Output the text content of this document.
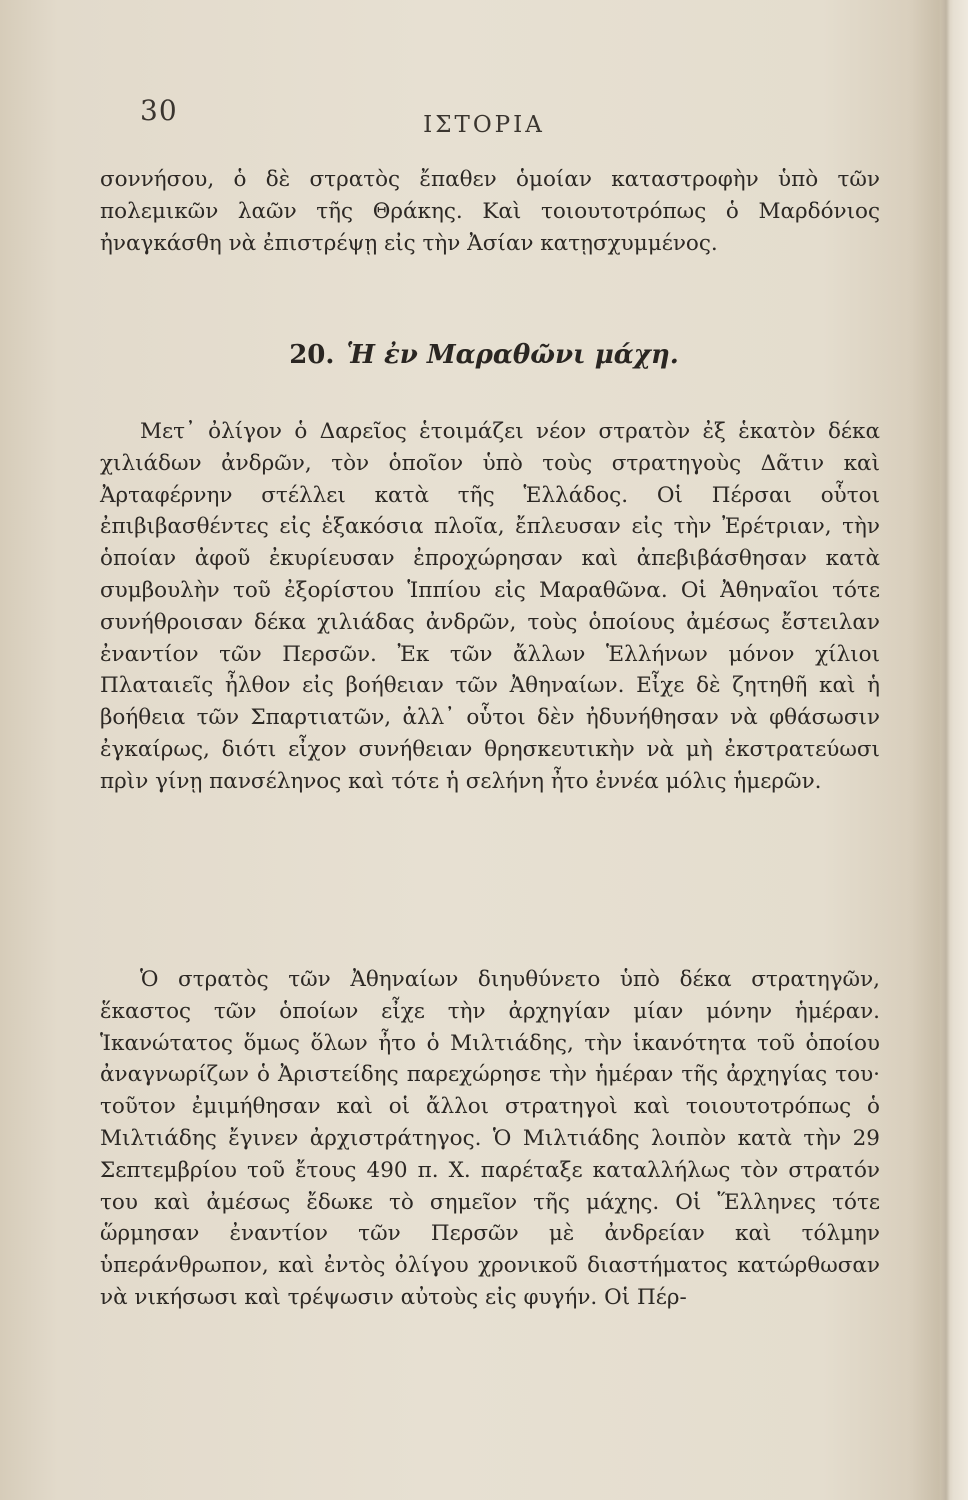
30	ΙΣΤΟΡΙΑ

σοννήσου, ὁ δὲ στρατὸς ἔπαθεν ὁμοίαν καταστροφὴν ὑπὸ τῶν πολεμικῶν λαῶν τῆς Θράκης. Καὶ τοιουτοτρόπως ὁ Μαρδόνιος ἠναγκάσθη νὰ ἐπιστρέψῃ εἰς τὴν Ἀσίαν κατῃσχυμμένος.

20. Ἡ ἐν Μαραθῶνι μάχη.

Μετ᾽ ὀλίγον ὁ Δαρεῖος ἑτοιμάζει νέον στρατὸν ἐξ ἑκατὸν δέκα χιλιάδων ἀνδρῶν, τὸν ὁποῖον ὑπὸ τοὺς στρατηγοὺς Δᾶτιν καὶ Ἀρταφέρνην στέλλει κατὰ τῆς Ἑλλάδος. Οἱ Πέρσαι οὗτοι ἐπιβιβασθέντες εἰς ἑξακόσια πλοῖα, ἔπλευσαν εἰς τὴν Ἐρέτριαν, τὴν ὁποίαν ἀφοῦ ἐκυρίευσαν ἐπροχώρησαν καὶ ἀπεβιβάσθησαν κατὰ συμβουλὴν τοῦ ἐξορίστου Ἱππίου εἰς Μαραθῶνα. Οἱ Ἀθηναῖοι τότε συνήθροισαν δέκα χιλιάδας ἀνδρῶν, τοὺς ὁποίους ἀμέσως ἔστειλαν ἐναντίον τῶν Περσῶν. Ἐκ τῶν ἄλλων Ἑλλήνων μόνον χίλιοι Πλαταιεῖς ἦλθον εἰς βοήθειαν τῶν Ἀθηναίων. Εἶχε δὲ ζητηθῆ καὶ ἡ βοήθεια τῶν Σπαρτιατῶν, ἀλλ᾽ οὗτοι δὲν ἠδυνήθησαν νὰ φθάσωσιν ἐγκαίρως, διότι εἶχον συνήθειαν θρησκευτικὴν νὰ μὴ ἐκστρατεύωσι πρὶν γίνῃ πανσέληνος καὶ τότε ἡ σελήνη ἦτο ἐννέα μόλις ἡμερῶν.

Ὁ στρατὸς τῶν Ἀθηναίων διηυθύνετο ὑπὸ δέκα στρατηγῶν, ἕκαστος τῶν ὁποίων εἶχε τὴν ἀρχηγίαν μίαν μόνην ἡμέραν. Ἱκανώτατος ὅμως ὅλων ἦτο ὁ Μιλτιάδης, τὴν ἱκανότητα τοῦ ὁποίου ἀναγνωρίζων ὁ Ἀριστείδης παρεχώρησε τὴν ἡμέραν τῆς ἀρχηγίας του· τοῦτον ἐμιμήθησαν καὶ οἱ ἄλλοι στρατηγοὶ καὶ τοιουτοτρόπως ὁ Μιλτιάδης ἔγινεν ἀρχιστράτηγος. Ὁ Μιλτιάδης λοιπὸν κατὰ τὴν 29 Σεπτεμβρίου τοῦ ἔτους 490 π. Χ. παρέταξε καταλλήλως τὸν στρατόν του καὶ ἀμέσως ἔδωκε τὸ σημεῖον τῆς μάχης. Οἱ Ἕλληνες τότε ὥρμησαν ἐναντίον τῶν Περσῶν μὲ ἀνδρείαν καὶ τόλμην ὑπεράνθρωπον, καὶ ἐντὸς ὀλίγου χρονικοῦ διαστήματος κατώρθωσαν νὰ νικήσωσι καὶ τρέψωσιν αὐτοὺς εἰς φυγήν. Οἱ Πέρ-
